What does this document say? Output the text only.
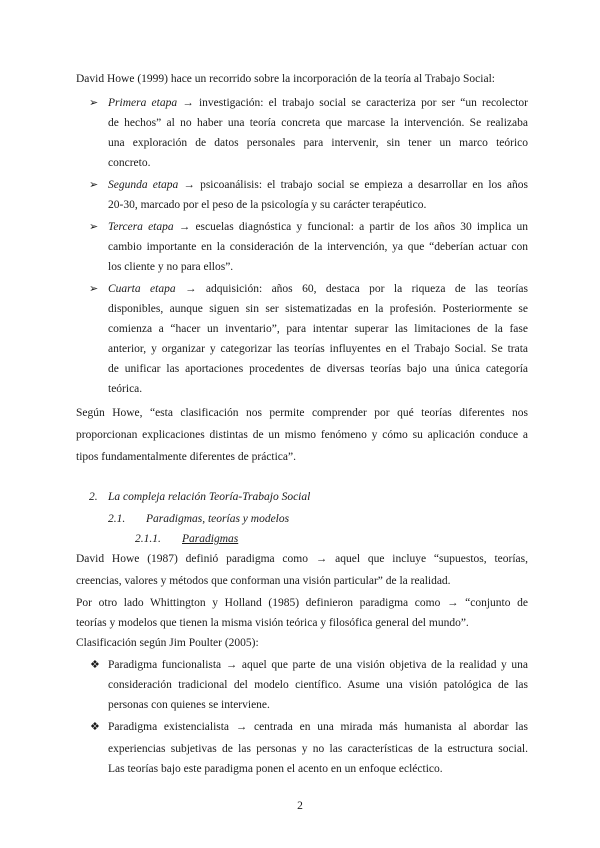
David Howe (1999) hace un recorrido sobre la incorporación de la teoría al Trabajo Social:
➢ Primera etapa → investigación: el trabajo social se caracteriza por ser “un recolector
de hechos” al no haber una teoría concreta que marcase la intervención. Se realizaba
una exploración de datos personales para intervenir, sin tener un marco teórico
concreto.
➢ Segunda etapa → psicoanálisis: el trabajo social se empieza a desarrollar en los años
20-30, marcado por el peso de la psicología y su carácter terapéutico.
➢ Tercera etapa → escuelas diagnóstica y funcional: a partir de los años 30 implica un
cambio importante en la consideración de la intervención, ya que “deberían actuar con
los cliente y no para ellos”.
➢ Cuarta etapa → adquisición: años 60, destaca por la riqueza de las teorías
disponibles, aunque siguen sin ser sistematizadas en la profesión. Posteriormente se
comienza a “hacer un inventario”, para intentar superar las limitaciones de la fase
anterior, y organizar y categorizar las teorías influyentes en el Trabajo Social. Se trata
de unificar las aportaciones procedentes de diversas teorías bajo una única categoría
teórica.
Según Howe, “esta clasificación nos permite comprender por qué teorías diferentes nos
proporcionan explicaciones distintas de un mismo fenómeno y cómo su aplicación conduce a
tipos fundamentalmente diferentes de práctica”.
2. La compleja relación Teoría-Trabajo Social
2.1. Paradigmas, teorías y modelos
2.1.1. Paradigmas
David Howe (1987) definió paradigma como → aquel que incluye “supuestos, teorías,
creencias, valores y métodos que conforman una visión particular” de la realidad.
Por otro lado Whittington y Holland (1985) definieron paradigma como → “conjunto de
teorías y modelos que tienen la misma visión teórica y filosófica general del mundo”.
Clasificación según Jim Poulter (2005):
❖ Paradigma funcionalista → aquel que parte de una visión objetiva de la realidad y una
consideración tradicional del modelo científico. Asume una visión patológica de las
personas con quienes se interviene.
❖ Paradigma existencialista → centrada en una mirada más humanista al abordar las
experiencias subjetivas de las personas y no las características de la estructura social.
Las teorías bajo este paradigma ponen el acento en un enfoque ecléctico.
2
